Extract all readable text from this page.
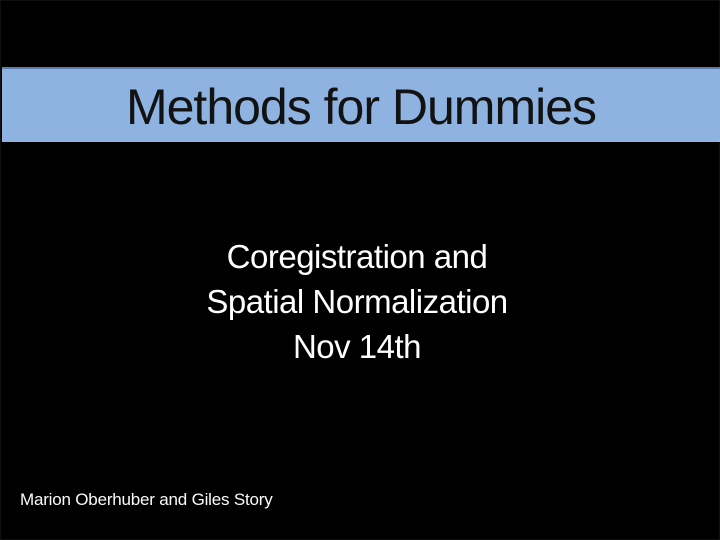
Methods for Dummies
Coregistration and
Spatial Normalization
Nov 14th
Marion Oberhuber and Giles Story
